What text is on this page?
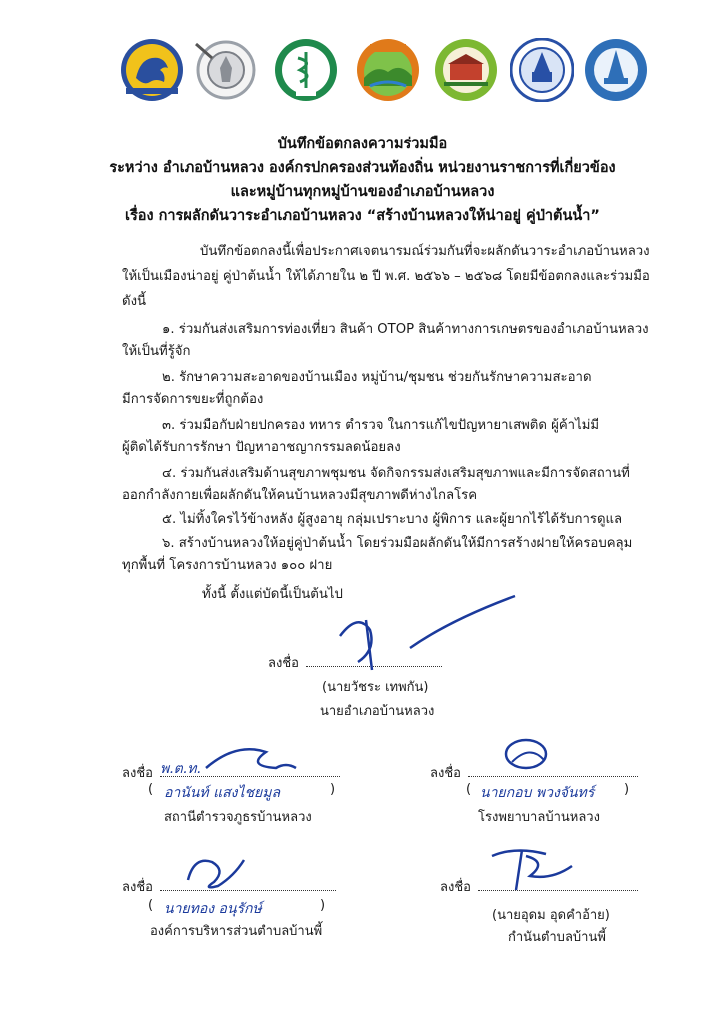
บันทึกข้อตกลงความร่วมมือ
ระหว่าง อำเภอบ้านหลวง องค์กรปกครองส่วนท้องถิ่น หน่วยงานราชการที่เกี่ยวข้อง
และหมู่บ้านทุกหมู่บ้านของอำเภอบ้านหลวง
เรื่อง การผลักดันวาระอำเภอบ้านหลวง “สร้างบ้านหลวงให้น่าอยู่ คู่ป่าต้นน้ำ”
บันทึกข้อตกลงนี้เพื่อประกาศเจตนารมณ์ร่วมกันที่จะผลักดันวาระอำเภอบ้านหลวง
ให้เป็นเมืองน่าอยู่ คู่ป่าต้นน้ำ ให้ได้ภายใน ๒ ปี พ.ศ. ๒๕๖๖ – ๒๕๖๘ โดยมีข้อตกลงและร่วมมือ
ดังนี้
๑. ร่วมกันส่งเสริมการท่องเที่ยว สินค้า OTOP สินค้าทางการเกษตรของอำเภอบ้านหลวง
ให้เป็นที่รู้จัก
๒. รักษาความสะอาดของบ้านเมือง หมู่บ้าน/ชุมชน ช่วยกันรักษาความสะอาด
มีการจัดการขยะที่ถูกต้อง
๓. ร่วมมือกับฝ่ายปกครอง ทหาร ตำรวจ ในการแก้ไขปัญหายาเสพติด ผู้ค้าไม่มี
ผู้ติดได้รับการรักษา ปัญหาอาชญากรรมลดน้อยลง
๔. ร่วมกันส่งเสริมด้านสุขภาพชุมชน จัดกิจกรรมส่งเสริมสุขภาพและมีการจัดสถานที่
ออกกำลังกายเพื่อผลักดันให้คนบ้านหลวงมีสุขภาพดีห่างไกลโรค
๕. ไม่ทิ้งใครไว้ข้างหลัง ผู้สูงอายุ กลุ่มเปราะบาง ผู้พิการ และผู้ยากไร้ได้รับการดูแล
๖. สร้างบ้านหลวงให้อยู่คู่ป่าต้นน้ำ โดยร่วมมือผลักดันให้มีการสร้างฝายให้ครอบคลุม
ทุกพื้นที่ โครงการบ้านหลวง ๑๐๐ ฝาย
ทั้งนี้ ตั้งแต่บัดนี้เป็นต้นไป
ลงชื่อ
(นายวัชระ เทพกัน)
นายอำเภอบ้านหลวง
ลงชื่อ พ.ต.ท.
( อานันท์ แสงไชยมูล	)
สถานีตำรวจภูธรบ้านหลวง
ลงชื่อ
( นายกอบ พวงจันทร์ )
โรงพยาบาลบ้านหลวง
ลงชื่อ
( นายทอง อนุรักษ์	)
องค์การบริหารส่วนตำบลบ้านพี้
ลงชื่อ
(นายอุดม อุดคำอ้าย)
กำนันตำบลบ้านพี้
